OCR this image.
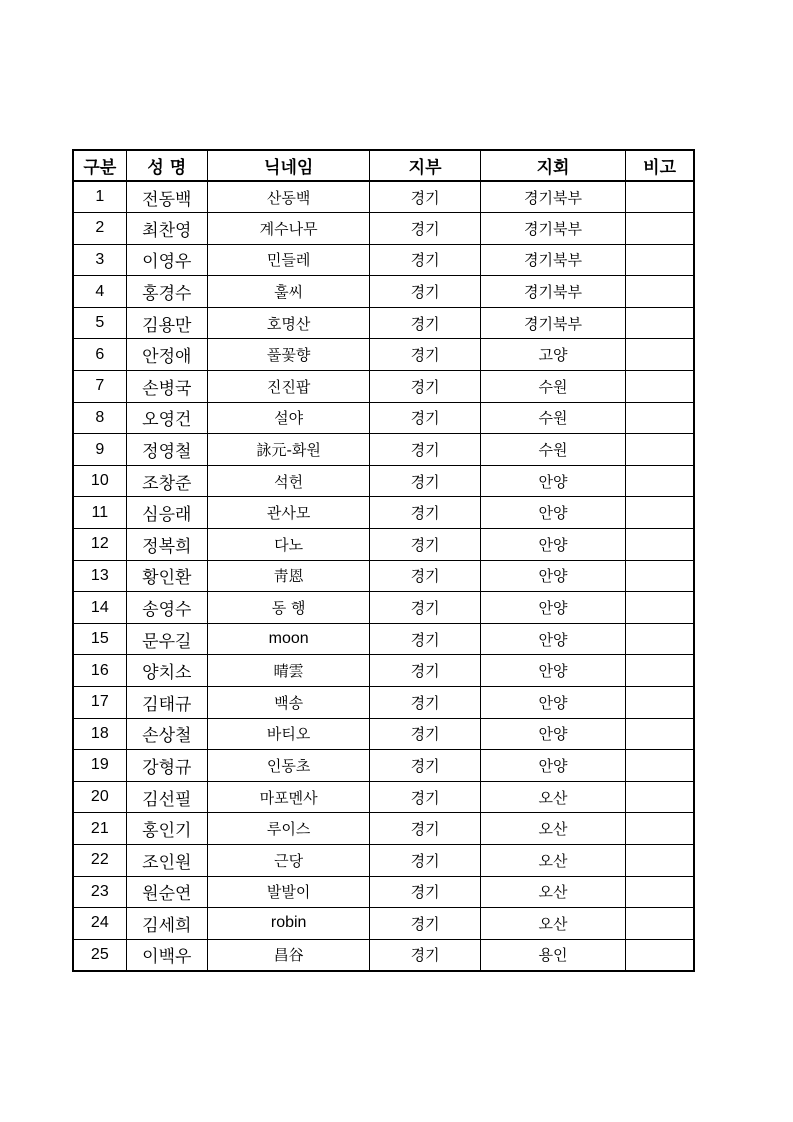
구분	성 명	닉네임	지부	지회	비고
1	전동백	산동백	경기	경기북부	
2	최찬영	계수나무	경기	경기북부	
3	이영우	민들레	경기	경기북부	
4	홍경수	훌씨	경기	경기북부	
5	김용만	호명산	경기	경기북부	
6	안정애	풀꽃향	경기	고양	
7	손병국	진진팝	경기	수원	
8	오영건	설야	경기	수원	
9	정영철	詠元-화원	경기	수원	
10	조창준	석헌	경기	안양	
11	심응래	관사모	경기	안양	
12	정복희	다노	경기	안양	
13	황인환	靑恩	경기	안양	
14	송영수	동 행	경기	안양	
15	문우길	moon	경기	안양	
16	양치소	晴雲	경기	안양	
17	김태규	백송	경기	안양	
18	손상철	바티오	경기	안양	
19	강형규	인동초	경기	안양	
20	김선필	마포멘사	경기	오산	
21	홍인기	루이스	경기	오산	
22	조인원	근당	경기	오산	
23	원순연	발발이	경기	오산	
24	김세희	robin	경기	오산	
25	이백우	昌谷	경기	용인	
